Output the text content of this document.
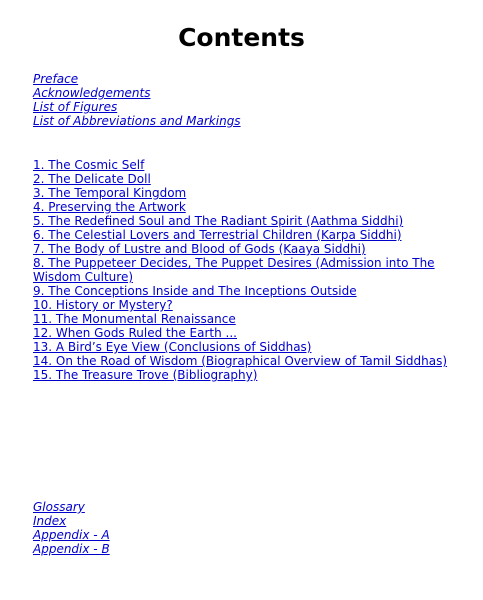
Contents
Preface
Acknowledgements
List of Figures
List of Abbreviations and Markings
1. The Cosmic Self
2. The Delicate Doll
3. The Temporal Kingdom
4. Preserving the Artwork
5. The Redefined Soul and The Radiant Spirit (Aathma Siddhi)
6. The Celestial Lovers and Terrestrial Children (Karpa Siddhi)
7. The Body of Lustre and Blood of Gods (Kaaya Siddhi)
8. The Puppeteer Decides, The Puppet Desires (Admission into The Wisdom Culture)
9. The Conceptions Inside and The Inceptions Outside
10. History or Mystery?
11. The Monumental Renaissance
12. When Gods Ruled the Earth ...
13. A Bird’s Eye View (Conclusions of Siddhas)
14. On the Road of Wisdom (Biographical Overview of Tamil Siddhas)
15. The Treasure Trove (Bibliography)
Glossary
Index
Appendix - A
Appendix - B
